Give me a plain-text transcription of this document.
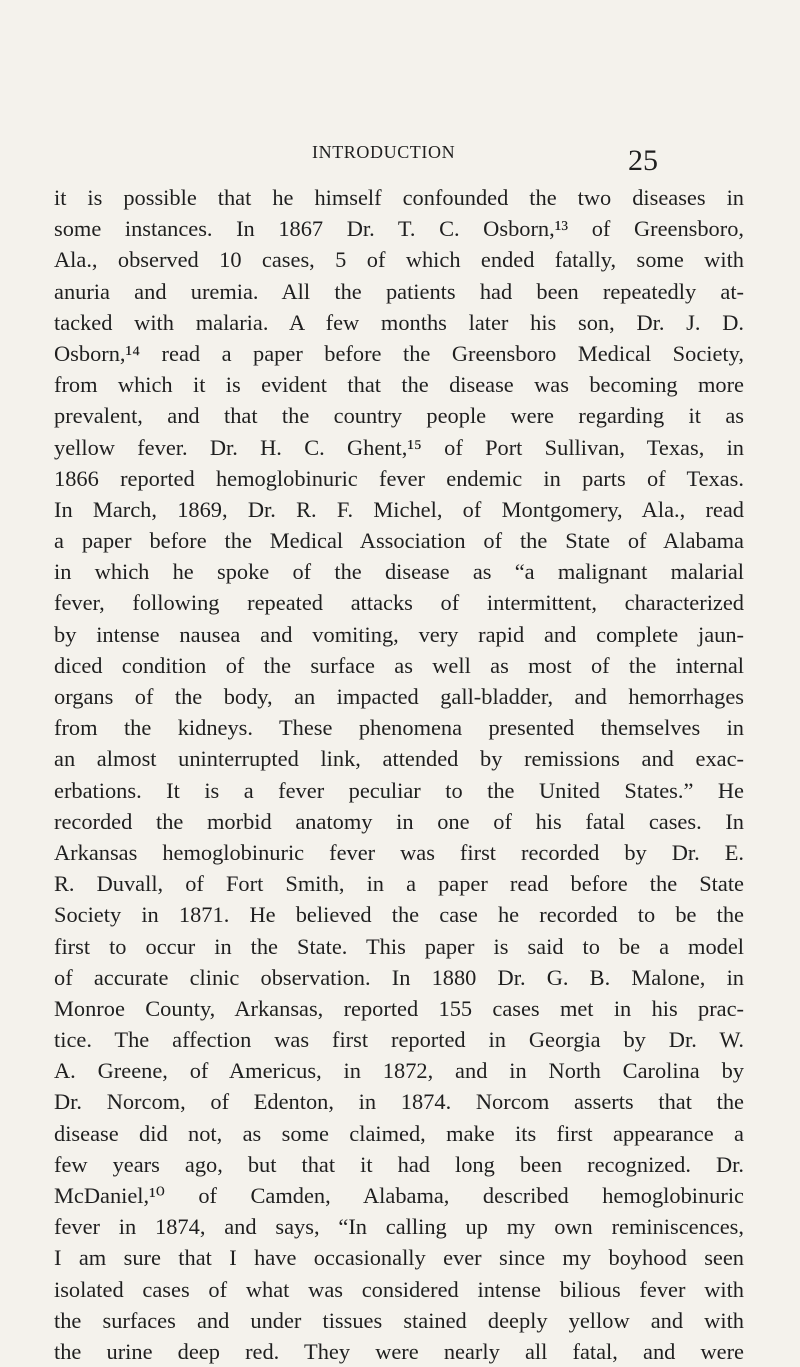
INTRODUCTION	25
it is possible that he himself confounded the two diseases in
some instances. In 1867 Dr. T. C. Osborn,¹³ of Greensboro,
Ala., observed 10 cases, 5 of which ended fatally, some with
anuria and uremia. All the patients had been repeatedly at-
tacked with malaria. A few months later his son, Dr. J. D.
Osborn,¹⁴ read a paper before the Greensboro Medical Society,
from which it is evident that the disease was becoming more
prevalent, and that the country people were regarding it as
yellow fever. Dr. H. C. Ghent,¹⁵ of Port Sullivan, Texas, in
1866 reported hemoglobinuric fever endemic in parts of Texas.
In March, 1869, Dr. R. F. Michel, of Montgomery, Ala., read
a paper before the Medical Association of the State of Alabama
in which he spoke of the disease as “a malignant malarial
fever, following repeated attacks of intermittent, characterized
by intense nausea and vomiting, very rapid and complete jaun-
diced condition of the surface as well as most of the internal
organs of the body, an impacted gall-bladder, and hemorrhages
from the kidneys. These phenomena presented themselves in
an almost uninterrupted link, attended by remissions and exac-
erbations. It is a fever peculiar to the United States.” He
recorded the morbid anatomy in one of his fatal cases. In
Arkansas hemoglobinuric fever was first recorded by Dr. E.
R. Duvall, of Fort Smith, in a paper read before the State
Society in 1871. He believed the case he recorded to be the
first to occur in the State. This paper is said to be a model
of accurate clinic observation. In 1880 Dr. G. B. Malone, in
Monroe County, Arkansas, reported 155 cases met in his prac-
tice. The affection was first reported in Georgia by Dr. W.
A. Greene, of Americus, in 1872, and in North Carolina by
Dr. Norcom, of Edenton, in 1874. Norcom asserts that the
disease did not, as some claimed, make its first appearance a
few years ago, but that it had long been recognized. Dr.
McDaniel,¹⁰ of Camden, Alabama, described hemoglobinuric
fever in 1874, and says, “In calling up my own reminiscences,
I am sure that I have occasionally ever since my boyhood seen
isolated cases of what was considered intense bilious fever with
the surfaces and under tissues stained deeply yellow and with
the urine deep red. They were nearly all fatal, and were
